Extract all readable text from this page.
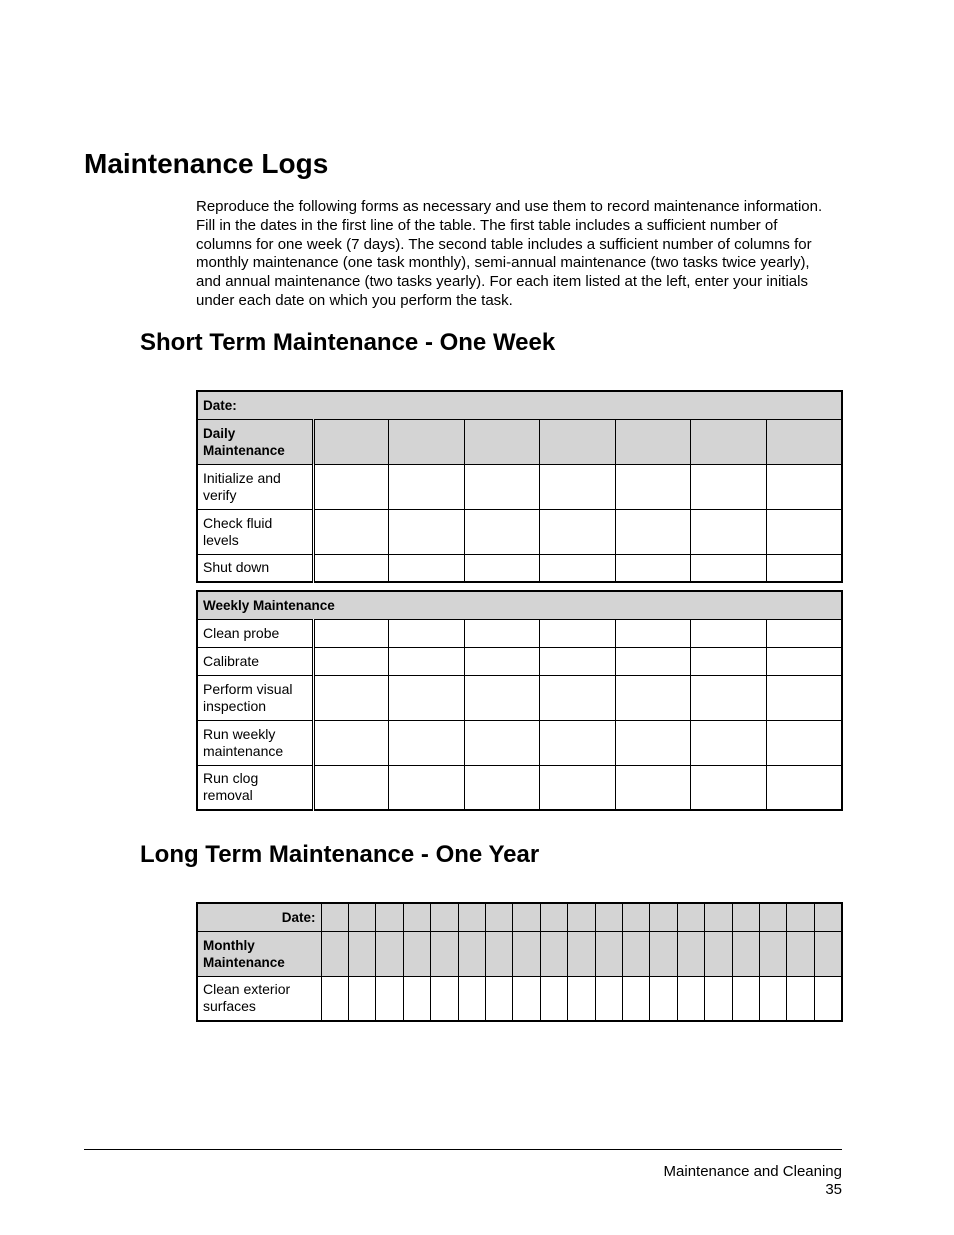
Maintenance Logs

Reproduce the following forms as necessary and use them to record maintenance information. Fill in the dates in the first line of the table. The first table includes a sufficient number of columns for one week (7 days). The second table includes a sufficient number of columns for monthly maintenance (one task monthly), semi-annual maintenance (two tasks twice yearly), and annual maintenance (two tasks yearly). For each item listed at the left, enter your initials under each date on which you perform the task.

Short Term Maintenance - One Week
Date:							
Daily Maintenance							
Initialize and verify							
Check fluid levels							
Shut down							
Weekly Maintenance							
Clean probe							
Calibrate							
Perform visual inspection							
Run weekly maintenance							
Run clog removal							
Long Term Maintenance - One Year
Date:																			
Monthly Maintenance																			
Clean exterior surfaces																			
Maintenance and Cleaning
35
